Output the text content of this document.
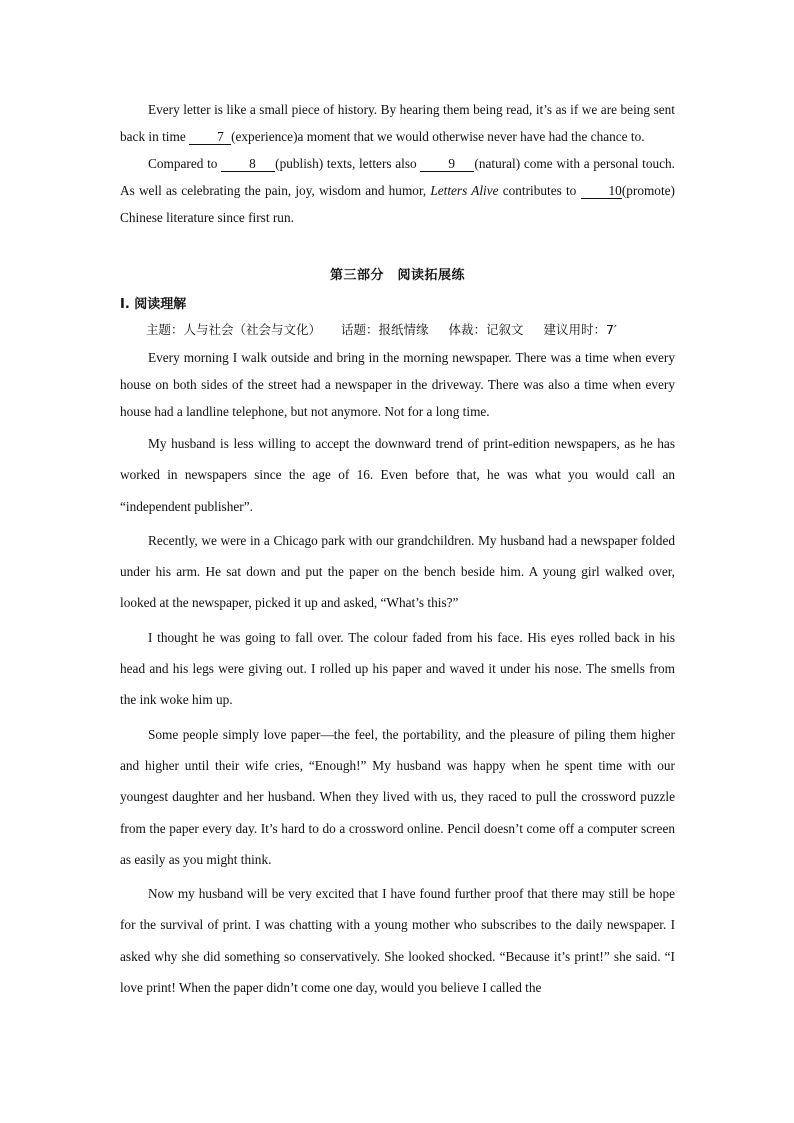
Every letter is like a small piece of history. By hearing them being read, it’s as if we are being sent back in time 7 (experience)a moment that we would otherwise never have had the chance to.

Compared to 8 (publish) texts, letters also 9 (natural) come with a personal touch. As well as celebrating the pain, joy, wisdom and humor, Letters Alive contributes to 10(promote) Chinese literature since first run.

第三部分　阅读拓展练
Ⅰ. 阅读理解
主题：人与社会（社会与文化） 话题：报纸情缘 体裁：记叙文 建议用时：7′

Every morning I walk outside and bring in the morning newspaper. There was a time when every house on both sides of the street had a newspaper in the driveway. There was also a time when every house had a landline telephone, but not anymore. Not for a long time.

My husband is less willing to accept the downward trend of print-edition newspapers, as he has worked in newspapers since the age of 16. Even before that, he was what you would call an “independent publisher”.

Recently, we were in a Chicago park with our grandchildren. My husband had a newspaper folded under his arm. He sat down and put the paper on the bench beside him. A young girl walked over, looked at the newspaper, picked it up and asked, “What’s this?”

I thought he was going to fall over. The colour faded from his face. His eyes rolled back in his head and his legs were giving out. I rolled up his paper and waved it under his nose. The smells from the ink woke him up.

Some people simply love paper—the feel, the portability, and the pleasure of piling them higher and higher until their wife cries, “Enough!” My husband was happy when he spent time with our youngest daughter and her husband. When they lived with us, they raced to pull the crossword puzzle from the paper every day. It’s hard to do a crossword online. Pencil doesn’t come off a computer screen as easily as you might think.

Now my husband will be very excited that I have found further proof that there may still be hope for the survival of print. I was chatting with a young mother who subscribes to the daily newspaper. I asked why she did something so conservatively. She looked shocked. “Because it’s print!” she said. “I love print! When the paper didn’t come one day, would you believe I called the
